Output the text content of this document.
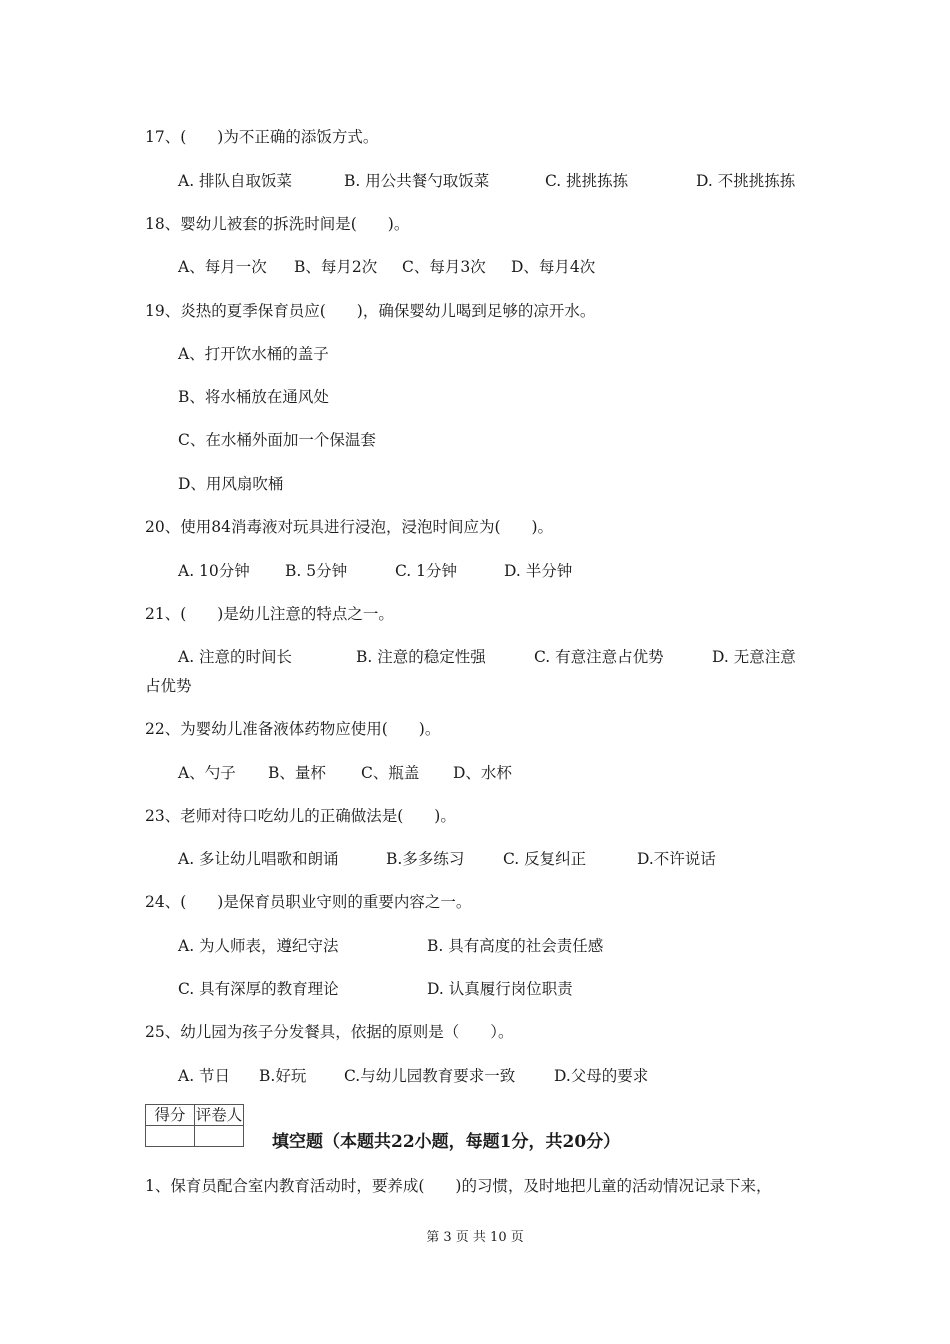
17、(　　)为不正确的添饭方式。

A. 排队自取饭菜

	B. 用公共餐勺取饭菜

	C. 挑挑拣拣

	D. 不挑挑拣拣

18、婴幼儿被套的拆洗时间是(　　)。

A、每月一次

B、每月2次

C、每月3次

D、每月4次

19、炎热的夏季保育员应(　　)，确保婴幼儿喝到足够的凉开水。
A、打开饮水桶的盖子
B、将水桶放在通风处
C、在水桶外面加一个保温套
D、用风扇吹桶
20、使用84消毒液对玩具进行浸泡，浸泡时间应为(　　)。

A. 10分钟

B. 5分钟

	C. 1分钟

	D. 半分钟

21、(　　)是幼儿注意的特点之一。

A. 注意的时间长

	B. 注意的稳定性强

	C. 有意注意占优势

	D. 无意注意

占优势
22、为婴幼儿准备液体药物应使用(　　)。

A、勺子

B、量杯

C、瓶盖

D、水杯

23、老师对待口吃幼儿的正确做法是(　　)。

A. 多让幼儿唱歌和朗诵

	B.多多练习

C. 反复纠正

	D.不许说话

24、(　　)是保育员职业守则的重要内容之一。

A. 为人师表，遵纪守法

	B. 具有高度的社会责任感

C. 具有深厚的教育理论

	D. 认真履行岗位职责

25、幼儿园为孩子分发餐具，依据的原则是（　　）。

A. 节日

B.好玩

C.与幼儿园教育要求一致

	D.父母的要求

得分	评卷人

填空题（本题共22小题，每题1分，共20分）
1、保育员配合室内教育活动时，要养成(　　)的习惯，及时地把儿童的活动情况记录下来，
第 3 页 共 10 页
